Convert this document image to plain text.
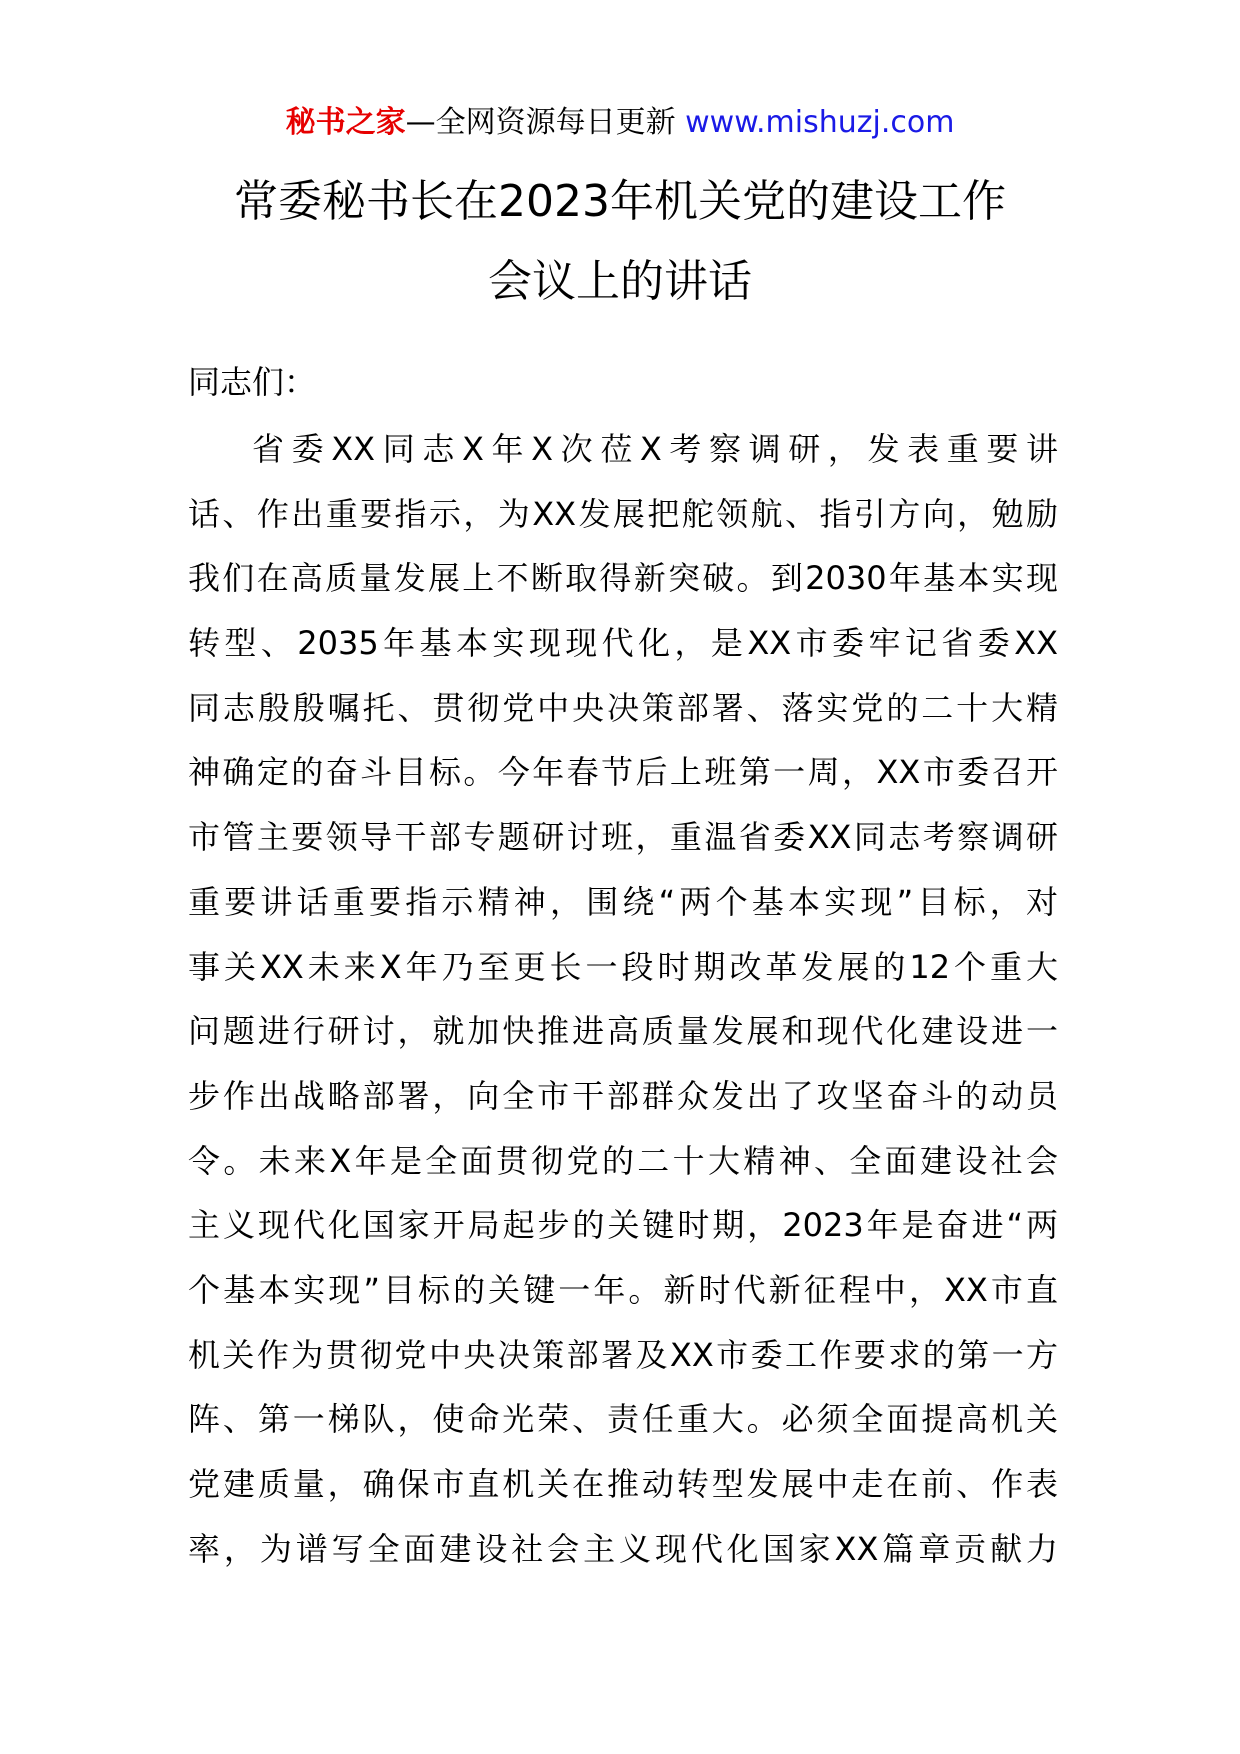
秘书之家—全网资源每日更新 www.mishuzj.com
常委秘书长在2023年机关党的建设工作
会议上的讲话
同志们：
省委XX同志X年X次莅X考察调研，发表重要讲
话、作出重要指示，为XX发展把舵领航、指引方向，勉励
我们在高质量发展上不断取得新突破。到2030年基本实现
转型、2035年基本实现现代化，是XX市委牢记省委XX
同志殷殷嘱托、贯彻党中央决策部署、落实党的二十大精
神确定的奋斗目标。今年春节后上班第一周，XX市委召开
市管主要领导干部专题研讨班，重温省委XX同志考察调研
重要讲话重要指示精神，围绕“两个基本实现”目标，对
事关XX未来X年乃至更长一段时期改革发展的12个重大
问题进行研讨，就加快推进高质量发展和现代化建设进一
步作出战略部署，向全市干部群众发出了攻坚奋斗的动员
令。未来X年是全面贯彻党的二十大精神、全面建设社会
主义现代化国家开局起步的关键时期，2023年是奋进“两
个基本实现”目标的关键一年。新时代新征程中，XX市直
机关作为贯彻党中央决策部署及XX市委工作要求的第一方
阵、第一梯队，使命光荣、责任重大。必须全面提高机关
党建质量，确保市直机关在推动转型发展中走在前、作表
率，为谱写全面建设社会主义现代化国家XX篇章贡献力
